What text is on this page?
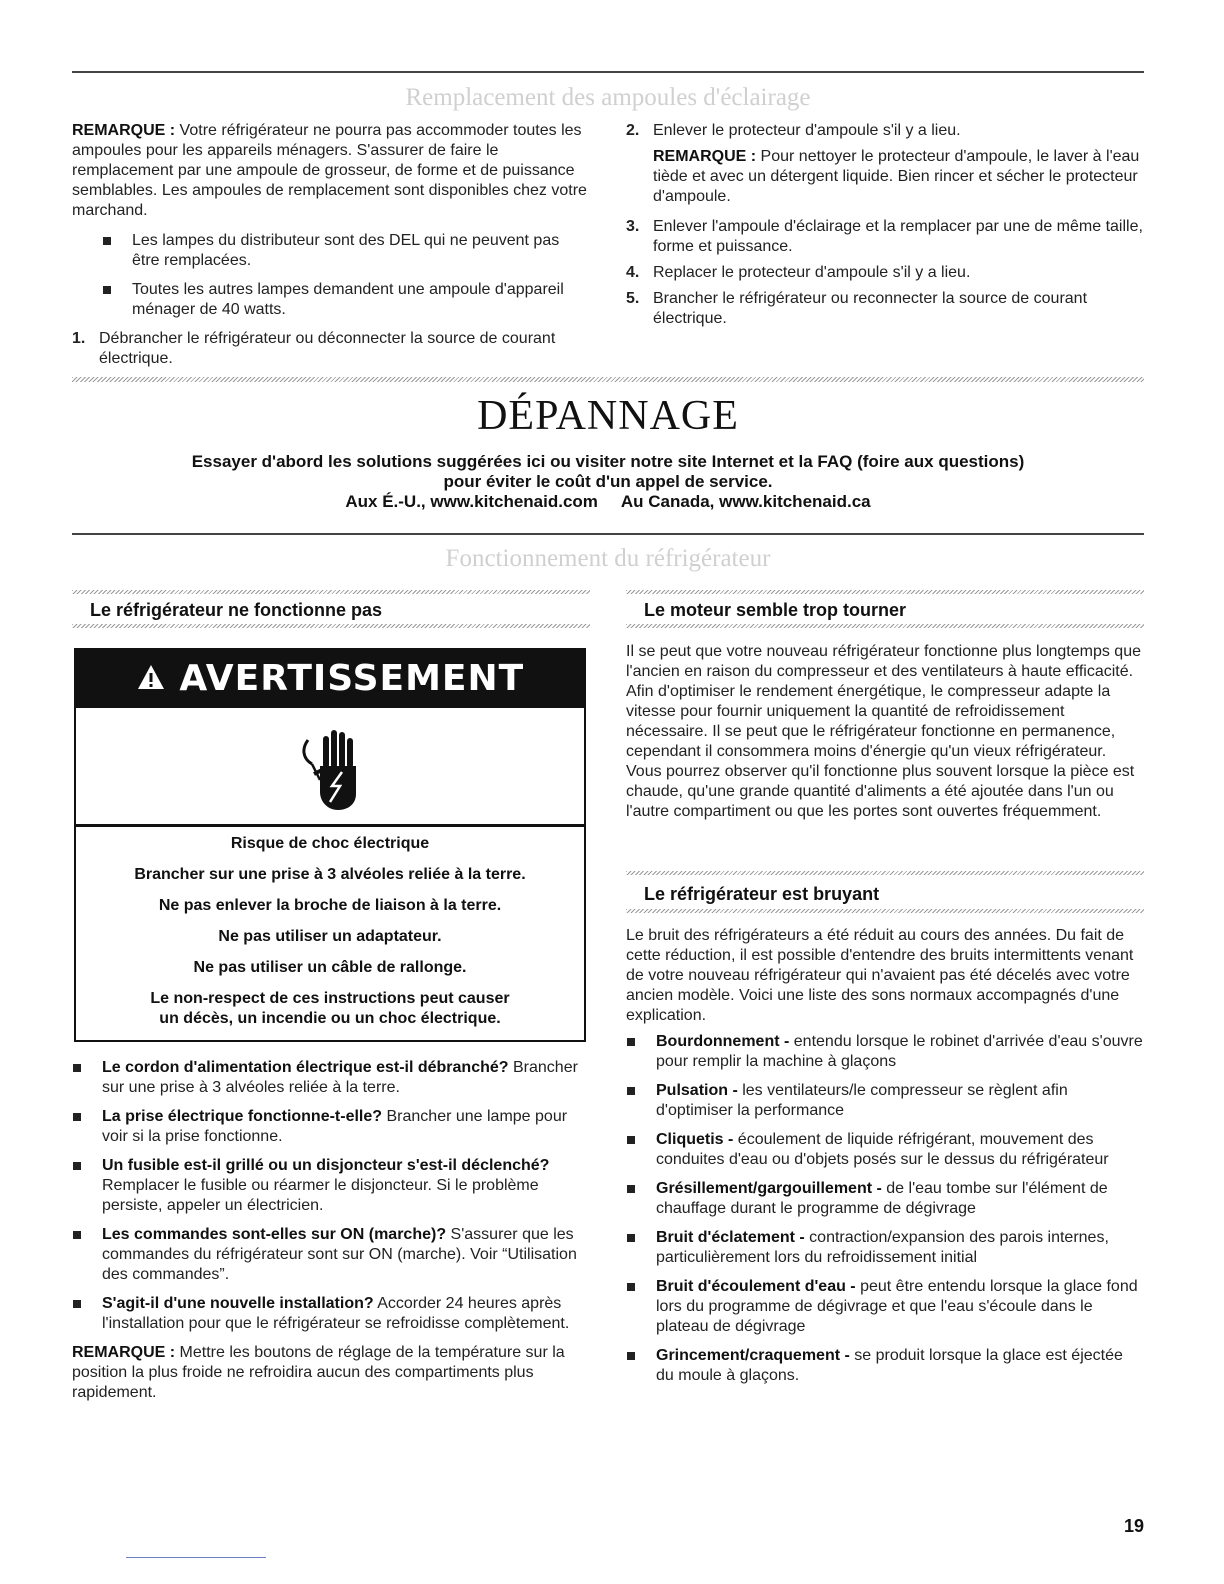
Remplacement des ampoules d'éclairage

REMARQUE : Votre réfrigérateur ne pourra pas accommoder toutes les ampoules pour les appareils ménagers. S'assurer de faire le remplacement par une ampoule de grosseur, de forme et de puissance semblables. Les ampoules de remplacement sont disponibles chez votre marchand.

Les lampes du distributeur sont des DEL qui ne peuvent pas être remplacées.
Toutes les autres lampes demandent une ampoule d'appareil ménager de 40 watts.
1. Débrancher le réfrigérateur ou déconnecter la source de courant électrique.
2. Enlever le protecteur d'ampoule s'il y a lieu.

REMARQUE : Pour nettoyer le protecteur d'ampoule, le laver à l'eau tiède et avec un détergent liquide. Bien rincer et sécher le protecteur d'ampoule.

3. Enlever l'ampoule d'éclairage et la remplacer par une de même taille, forme et puissance.
4. Replacer le protecteur d'ampoule s'il y a lieu.
5. Brancher le réfrigérateur ou reconnecter la source de courant électrique.
DÉPANNAGE
Essayer d'abord les solutions suggérées ici ou visiter notre site Internet et la FAQ (foire aux questions)
pour éviter le coût d'un appel de service.
Aux É.-U., www.kitchenaid.com     Au Canada, www.kitchenaid.ca
Fonctionnement du réfrigérateur
Le réfrigérateur ne fonctionne pas
AVERTISSEMENT

Risque de choc électrique

Brancher sur une prise à 3 alvéoles reliée à la terre.

Ne pas enlever la broche de liaison à la terre.

Ne pas utiliser un adaptateur.

Ne pas utiliser un câble de rallonge.

Le non-respect de ces instructions peut causer
un décès, un incendie ou un choc électrique.

Le cordon d'alimentation électrique est-il débranché? Brancher sur une prise à 3 alvéoles reliée à la terre.
La prise électrique fonctionne-t-elle? Brancher une lampe pour voir si la prise fonctionne.
Un fusible est-il grillé ou un disjoncteur s'est-il déclenché? Remplacer le fusible ou réarmer le disjoncteur. Si le problème persiste, appeler un électricien.
Les commandes sont-elles sur ON (marche)? S'assurer que les commandes du réfrigérateur sont sur ON (marche). Voir “Utilisation des commandes”.
S'agit-il d'une nouvelle installation? Accorder 24 heures après l'installation pour que le réfrigérateur se refroidisse complètement.

REMARQUE : Mettre les boutons de réglage de la température sur la position la plus froide ne refroidira aucun des compartiments plus rapidement.

Le moteur semble trop tourner

Il se peut que votre nouveau réfrigérateur fonctionne plus longtemps que l'ancien en raison du compresseur et des ventilateurs à haute efficacité. Afin d'optimiser le rendement énergétique, le compresseur adapte la vitesse pour fournir uniquement la quantité de refroidissement nécessaire. Il se peut que le réfrigérateur fonctionne en permanence, cependant il consommera moins d'énergie qu'un vieux réfrigérateur. Vous pourrez observer qu'il fonctionne plus souvent lorsque la pièce est chaude, qu'une grande quantité d'aliments a été ajoutée dans l'un ou l'autre compartiment ou que les portes sont ouvertes fréquemment.

Le réfrigérateur est bruyant

Le bruit des réfrigérateurs a été réduit au cours des années. Du fait de cette réduction, il est possible d'entendre des bruits intermittents venant de votre nouveau réfrigérateur qui n'avaient pas été décelés avec votre ancien modèle. Voici une liste des sons normaux accompagnés d'une explication.

Bourdonnement - entendu lorsque le robinet d'arrivée d'eau s'ouvre pour remplir la machine à glaçons
Pulsation - les ventilateurs/le compresseur se règlent afin d'optimiser la performance
Cliquetis - écoulement de liquide réfrigérant, mouvement des conduites d'eau ou d'objets posés sur le dessus du réfrigérateur
Grésillement/gargouillement - de l'eau tombe sur l'élément de chauffage durant le programme de dégivrage
Bruit d'éclatement - contraction/expansion des parois internes, particulièrement lors du refroidissement initial
Bruit d'écoulement d'eau - peut être entendu lorsque la glace fond lors du programme de dégivrage et que l'eau s'écoule dans le plateau de dégivrage
Grincement/craquement - se produit lorsque la glace est éjectée du moule à glaçons.
19
